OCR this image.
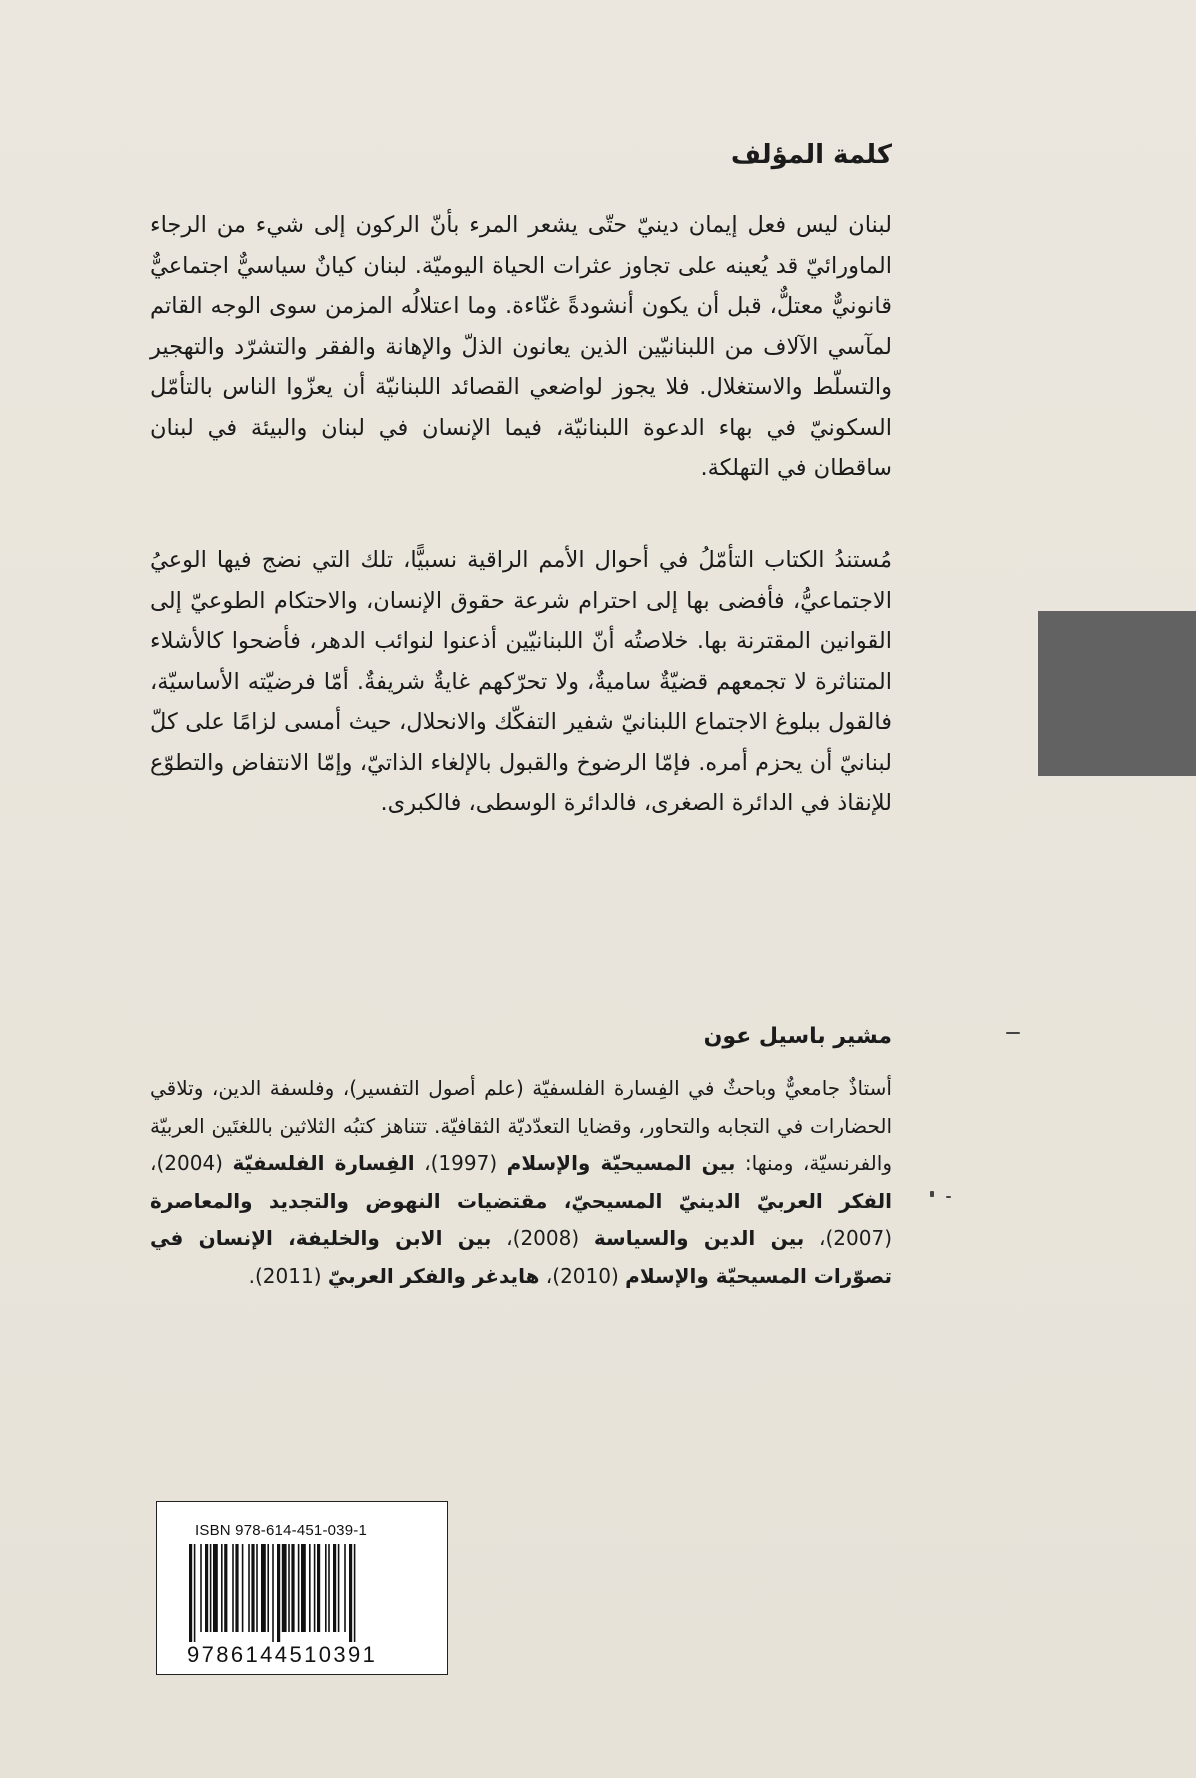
كلمة المؤلف

لبنان ليس فعل إيمان دينيّ حتّى يشعر المرء بأنّ الركون إلى شيء من الرجاء الماورائيّ قد يُعينه على تجاوز عثرات الحياة اليوميّة. لبنان كيانٌ سياسيٌّ اجتماعيٌّ قانونيٌّ معتلٌّ، قبل أن يكون أنشودةً غنّاءة. وما اعتلالُه المزمن سوى الوجه القاتم لمآسي الآلاف من اللبنانيّين الذين يعانون الذلّ والإهانة والفقر والتشرّد والتهجير والتسلّط والاستغلال. فلا يجوز لواضعي القصائد اللبنانيّة أن يعزّوا الناس بالتأمّل السكونيّ في بهاء الدعوة اللبنانيّة، فيما الإنسان في لبنان والبيئة في لبنان ساقطان في التهلكة.

مُستندُ الكتاب التأمّلُ في أحوال الأمم الراقية نسبيًّا، تلك التي نضج فيها الوعيُ الاجتماعيُّ، فأفضى بها إلى احترام شرعة حقوق الإنسان، والاحتكام الطوعيّ إلى القوانين المقترنة بها. خلاصتُه أنّ اللبنانيّين أذعنوا لنوائب الدهر، فأضحوا كالأشلاء المتناثرة لا تجمعهم قضيّةٌ ساميةٌ، ولا تحرّكهم غايةٌ شريفةٌ. أمّا فرضيّته الأساسيّة، فالقول ببلوغ الاجتماع اللبنانيّ شفير التفكّك والانحلال، حيث أمسى لزامًا على كلّ لبنانيّ أن يحزم أمره. فإمّا الرضوخ والقبول بالإلغاء الذاتيّ، وإمّا الانتفاض والتطوّع للإنقاذ في الدائرة الصغرى، فالدائرة الوسطى، فالكبرى.

مشير باسيل عون

أستاذٌ جامعيٌّ وباحثٌ في الفِسارة الفلسفيّة (علم أصول التفسير)، وفلسفة الدين، وتلاقي الحضارات في التجابه والتحاور، وقضايا التعدّديّة الثقافيّة. تتناهز كتبُه الثلاثين باللغتَين العربيّة والفرنسيّة، ومنها: بين المسيحيّة والإسلام (1997)، الفِسارة الفلسفيّة (2004)، الفكر العربيّ الدينيّ المسيحيّ، مقتضيات النهوض والتجديد والمعاصرة (2007)، بين الدين والسياسة (2008)، بين الابن والخليفة، الإنسان في تصوّرات المسيحيّة والإسلام (2010)، هايدغر والفكر العربيّ (2011).

ISBN 978-614-451-039-1
9786144510391
